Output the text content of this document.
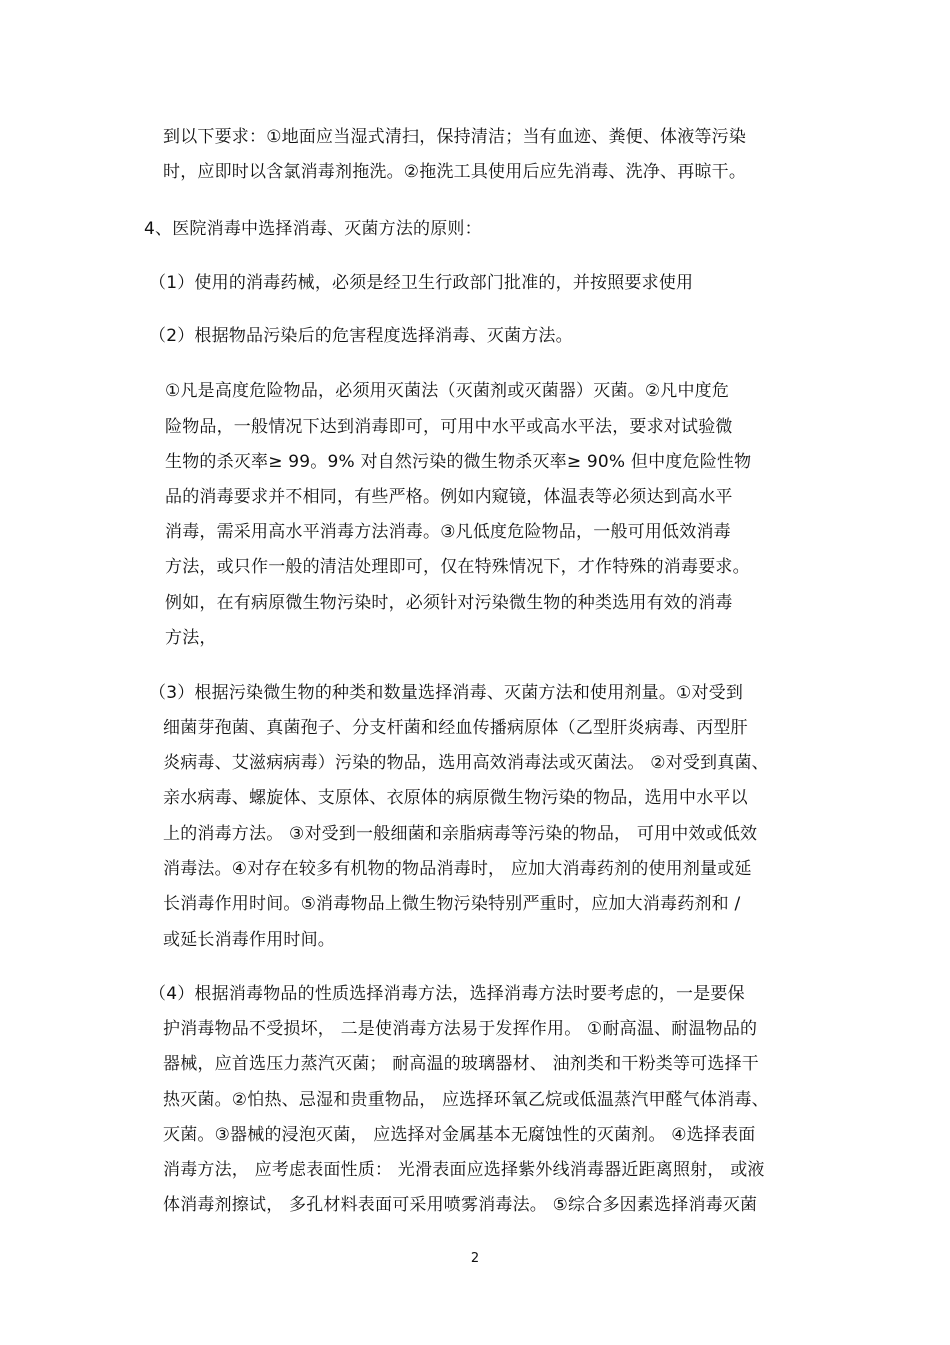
到以下要求：①地面应当湿式清扫，保持清洁；当有血迹、粪便、体液等污染
时，应即时以含氯消毒剂拖洗。②拖洗工具使用后应先消毒、洗净、再晾干。
4、医院消毒中选择消毒、灭菌方法的原则：
（1）使用的消毒药械，必须是经卫生行政部门批准的，并按照要求使用
（2）根据物品污染后的危害程度选择消毒、灭菌方法。
①凡是高度危险物品，必须用灭菌法（灭菌剂或灭菌器）灭菌。②凡中度危
险物品，一般情况下达到消毒即可，可用中水平或高水平法，要求对试验微
生物的杀灭率≥ 99。9% 对自然污染的微生物杀灭率≥ 90% 但中度危险性物
品的消毒要求并不相同，有些严格。例如内窥镜，体温表等必须达到高水平
消毒，需采用高水平消毒方法消毒。③凡低度危险物品，一般可用低效消毒
方法，或只作一般的清洁处理即可，仅在特殊情况下，才作特殊的消毒要求。
例如，在有病原微生物污染时，必须针对污染微生物的种类选用有效的消毒
方法，
（3）根据污染微生物的种类和数量选择消毒、灭菌方法和使用剂量。①对受到
细菌芽孢菌、真菌孢子、分支杆菌和经血传播病原体（乙型肝炎病毒、丙型肝
炎病毒、艾滋病病毒）污染的物品，选用高效消毒法或灭菌法。 ②对受到真菌、
亲水病毒、螺旋体、支原体、衣原体的病原微生物污染的物品，选用中水平以
上的消毒方法。 ③对受到一般细菌和亲脂病毒等污染的物品， 可用中效或低效
消毒法。④对存在较多有机物的物品消毒时， 应加大消毒药剂的使用剂量或延
长消毒作用时间。⑤消毒物品上微生物污染特别严重时，应加大消毒药剂和 /
或延长消毒作用时间。
（4）根据消毒物品的性质选择消毒方法，选择消毒方法时要考虑的，一是要保
护消毒物品不受损坏， 二是使消毒方法易于发挥作用。 ①耐高温、耐温物品的
器械，应首选压力蒸汽灭菌； 耐高温的玻璃器材、 油剂类和干粉类等可选择干
热灭菌。②怕热、忌湿和贵重物品， 应选择环氧乙烷或低温蒸汽甲醛气体消毒、
灭菌。③器械的浸泡灭菌， 应选择对金属基本无腐蚀性的灭菌剂。 ④选择表面
消毒方法， 应考虑表面性质： 光滑表面应选择紫外线消毒器近距离照射， 或液
体消毒剂擦试， 多孔材料表面可采用喷雾消毒法。 ⑤综合多因素选择消毒灭菌
2
